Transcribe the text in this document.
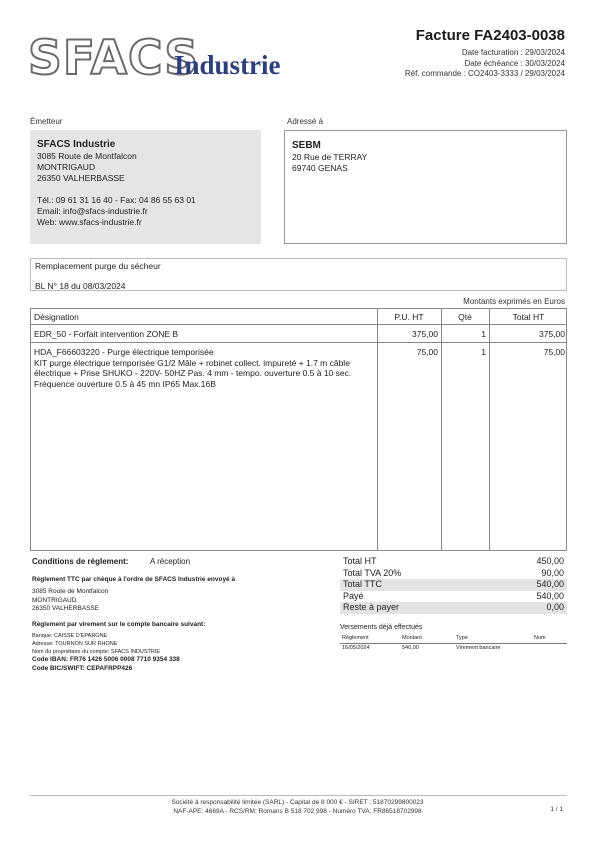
SFACS
Industrie
Facture FA2403-0038
Date facturation : 29/03/2024
Date échéance : 30/03/2024
Réf. commande : CO2403-3333 / 29/03/2024
Émetteur	Adressé à
SFACS Industrie
3085 Route de Montfalcon
MONTRIGAUD
26350 VALHERBASSE
Tél.: 09 61 31 16 40 - Fax: 04 86 55 63 01
Email: info@sfacs-industrie.fr
Web: www.sfacs-industrie.fr
SEBM
20 Rue de TERRAY
69740 GENAS
Remplacement purge du sécheur
BL N° 18 du 08/03/2024
Montants exprimés en Euros
Désignation	P.U. HT	Qté	Total HT
EDR_50 - Forfait intervention ZONE B	375,00	1	375,00
HDA_F66603220 - Purge électrique temporisée
KIT purge électrique temporisée G1/2 Mâle + robinet collect. impureté + 1.7 m câble
électrique + Prise SHUKO - 220V- 50HZ Pas. 4 mm - tempo. ouverture 0.5 à 10 sec.
Fréquence ouverture 0.5 à 45 mn IP65 Max.16B
75,00	1	75,00
Conditions de règlement:	A réception
Règlement TTC par chèque à l'ordre de SFACS Industrie envoyé à
3085 Route de Montfalcon
MONTRIGAUD
26350 VALHERBASSE
Règlement par virement sur le compte bancaire suivant:
Banque: CAISSE D'EPARGNE
Adresse: TOURNON SUR RHONE
Nom du propriétaire du compte: SFACS INDUSTRIE
Code IBAN: FR76 1426 5006 0008 7710 9354 338
Code BIC/SWIFT: CEPAFRPP426
Total HT	450,00
Total TVA 20%	90,00
Total TTC	540,00
Payé	540,00
Reste à payer	0,00
Versements déjà effectués
Règlement	Montant	Type	Num
16/05/2024	540,00	Virement bancaire
Société à responsabilité limitée (SARL) - Capital de 8 000 € - SIRET : 51870299800023
NAF-APE: 4669A - RCS/RM: Romans B 518 702 998 - Numéro TVA: FR86518702998	1 / 1
